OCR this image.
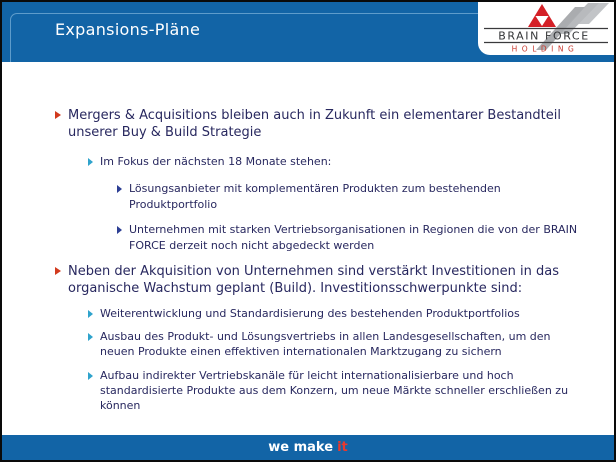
Expansions-Pläne	BRAIN FORCE
HOLDING

Mergers & Acquisitions bleiben auch in Zukunft ein elementarer Bestandteil unserer Buy & Build Strategie

Im Fokus der nächsten 18 Monate stehen:

Lösungsanbieter mit komplementären Produkten zum bestehenden Produktportfolio

Unternehmen mit starken Vertriebsorganisationen in Regionen die von der BRAIN FORCE derzeit noch nicht abgedeckt werden

Neben der Akquisition von Unternehmen sind verstärkt Investitionen in das organische Wachstum geplant (Build). Investitionsschwerpunkte sind:

Weiterentwicklung und Standardisierung des bestehenden Produktportfolios

Ausbau des Produkt- und Lösungsvertriebs in allen Landesgesellschaften, um den neuen Produkte einen effektiven internationalen Marktzugang zu sichern

Aufbau indirekter Vertriebskanäle für leicht internationalisierbare und hoch standardisierte Produkte aus dem Konzern, um neue Märkte schneller erschließen zu können

we make it
